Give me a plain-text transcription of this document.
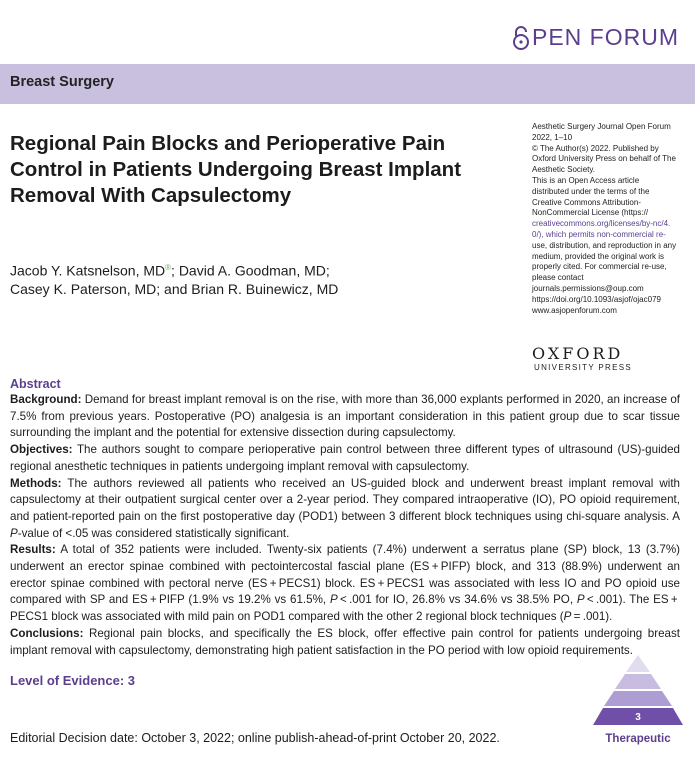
PEN FORUM
Breast Surgery
Regional Pain Blocks and Perioperative Pain Control in Patients Undergoing Breast Implant Removal With Capsulectomy
Jacob Y. Katsnelson, MD®; David A. Goodman, MD;
Casey K. Paterson, MD; and Brian R. Buinewicz, MD
Aesthetic Surgery Journal Open Forum
2022, 1–10
© The Author(s) 2022. Published by
Oxford University Press on behalf of The
Aesthetic Society.
This is an Open Access article
distributed under the terms of the
Creative Commons Attribution-
NonCommercial License (https://
creativecommons.org/licenses/by-nc/4.
0/), which permits non-commercial re-
use, distribution, and reproduction in any
medium, provided the original work is
properly cited. For commercial re-use,
please contact
journals.permissions@oup.com
https://doi.org/10.1093/asjof/ojac079
www.asjopenforum.com
OXFORD
UNIVERSITY PRESS
Abstract

Background: Demand for breast implant removal is on the rise, with more than 36,000 explants performed in 2020, an increase of 7.5% from previous years. Postoperative (PO) analgesia is an important consideration in this patient group due to scar tissue surrounding the implant and the potential for extensive dissection during capsulectomy.

Objectives: The authors sought to compare perioperative pain control between three different types of ultrasound (US)-guided regional anesthetic techniques in patients undergoing implant removal with capsulectomy.

Methods: The authors reviewed all patients who received an US-guided block and underwent breast implant removal with capsulectomy at their outpatient surgical center over a 2-year period. They compared intraoperative (IO), PO opioid requirement, and patient-reported pain on the first postoperative day (POD1) between 3 different block techniques using chi-square analysis. A P-value of <.05 was considered statistically significant.

Results: A total of 352 patients were included. Twenty-six patients (7.4%) underwent a serratus plane (SP) block, 13 (3.7%) underwent an erector spinae combined with pectointercostal fascial plane (ES + PIFP) block, and 313 (88.9%) underwent an erector spinae combined with pectoral nerve (ES + PECS1) block. ES + PECS1 was associated with less IO and PO opioid use compared with SP and ES + PIFP (1.9% vs 19.2% vs 61.5%, P < .001 for IO, 26.8% vs 34.6% vs 38.5% PO, P < .001). The ES + PECS1 block was associated with mild pain on POD1 compared with the other 2 regional block techniques (P = .001).

Conclusions: Regional pain blocks, and specifically the ES block, offer effective pain control for patients undergoing breast implant removal with capsulectomy, demonstrating high patient satisfaction in the PO period with low opioid requirements.

Level of Evidence: 3
3
Therapeutic
Editorial Decision date: October 3, 2022; online publish-ahead-of-print October 20, 2022.
